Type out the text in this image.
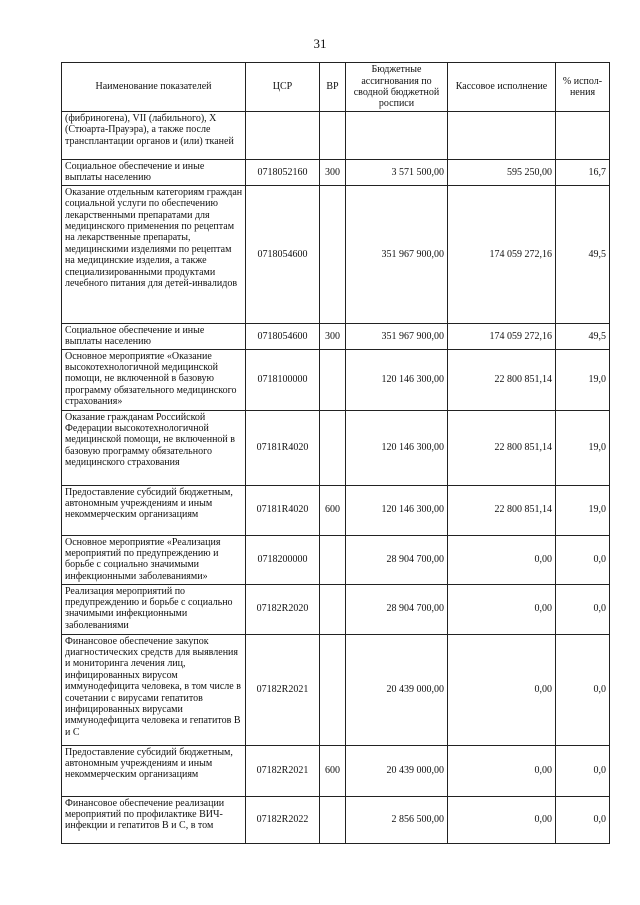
31
Наименование показателей	ЦСР	ВР	Бюджетные ассигнования по сводной бюджетной росписи	Кассовое исполнение	% испол-нения
(фибриногена), VII (лабильного), X (Стюарта-Прауэра), а также после трансплантации органов и (или) тканей					
Социальное обеспечение и иные выплаты населению	0718052160	300	3 571 500,00	595 250,00	16,7
Оказание отдельным категориям граждан социальной услуги по обеспечению лекарственными препаратами для медицинского применения по рецептам на лекарственные препараты, медицинскими изделиями по рецептам на медицинские изделия, а также специализированными продуктами лечебного питания для детей-инвалидов	0718054600		351 967 900,00	174 059 272,16	49,5
Социальное обеспечение и иные выплаты населению	0718054600	300	351 967 900,00	174 059 272,16	49,5
Основное мероприятие «Оказание высокотехнологичной медицинской помощи, не включенной в базовую программу обязательного медицинского страхования»	0718100000		120 146 300,00	22 800 851,14	19,0
Оказание гражданам Российской Федерации высокотехнологичной медицинской помощи, не включенной в базовую программу обязательного медицинского страхования	07181R4020		120 146 300,00	22 800 851,14	19,0
Предоставление субсидий бюджетным, автономным учреждениям и иным некоммерческим организациям	07181R4020	600	120 146 300,00	22 800 851,14	19,0
Основное мероприятие «Реализация мероприятий по предупреждению и борьбе с социально значимыми инфекционными заболеваниями»	0718200000		28 904 700,00	0,00	0,0
Реализация мероприятий по предупреждению и борьбе с социально значимыми инфекционными заболеваниями	07182R2020		28 904 700,00	0,00	0,0
Финансовое обеспечение закупок диагностических средств для выявления и мониторинга лечения лиц, инфицированных вирусом иммунодефицита человека, в том числе в сочетании с вирусами гепатитов инфицированных вирусами иммунодефицита человека и гепатитов В и С	07182R2021		20 439 000,00	0,00	0,0
Предоставление субсидий бюджетным, автономным учреждениям и иным некоммерческим организациям	07182R2021	600	20 439 000,00	0,00	0,0
Финансовое обеспечение реализации мероприятий по профилактике ВИЧ-инфекции и гепатитов В и С, в том	07182R2022		2 856 500,00	0,00	0,0
